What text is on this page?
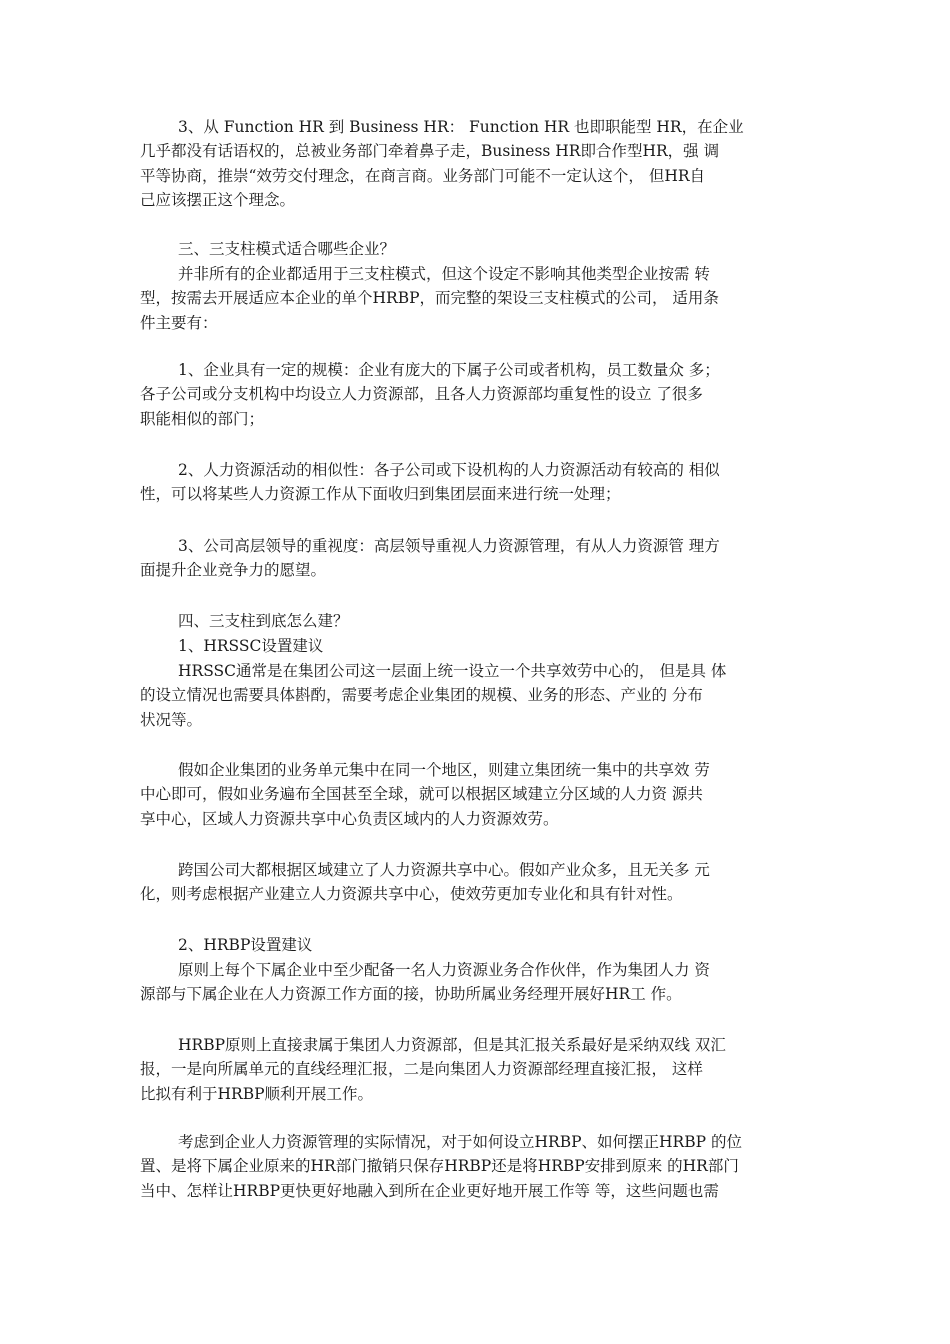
3、从 Function HR 到 Business HR： Function HR 也即职能型 HR，在企业
几乎都没有话语权的，总被业务部门牵着鼻子走，Business HR即合作型HR，强 调
平等协商，推崇“效劳交付理念，在商言商。业务部门可能不一定认这个， 但HR自
己应该摆正这个理念。
三、三支柱模式适合哪些企业？
并非所有的企业都适用于三支柱模式，但这个设定不影响其他类型企业按需 转
型，按需去开展适应本企业的单个HRBP，而完整的架设三支柱模式的公司， 适用条
件主要有：
1、企业具有一定的规模：企业有庞大的下属子公司或者机构，员工数量众 多；
各子公司或分支机构中均设立人力资源部，且各人力资源部均重复性的设立 了很多
职能相似的部门；
2、人力资源活动的相似性：各子公司或下设机构的人力资源活动有较高的 相似
性，可以将某些人力资源工作从下面收归到集团层面来进行统一处理；
3、公司高层领导的重视度：高层领导重视人力资源管理，有从人力资源管 理方
面提升企业竞争力的愿望。
四、三支柱到底怎么建？
1、HRSSC设置建议
HRSSC通常是在集团公司这一层面上统一设立一个共享效劳中心的， 但是具 体
的设立情况也需要具体斟酌，需要考虑企业集团的规模、业务的形态、产业的 分布
状况等。
假如企业集团的业务单元集中在同一个地区，则建立集团统一集中的共享效 劳
中心即可，假如业务遍布全国甚至全球，就可以根据区域建立分区域的人力资 源共
享中心，区域人力资源共享中心负责区域内的人力资源效劳。
跨国公司大都根据区域建立了人力资源共享中心。假如产业众多，且无关多 元
化，则考虑根据产业建立人力资源共享中心，使效劳更加专业化和具有针对性。
2、HRBP设置建议
原则上每个下属企业中至少配备一名人力资源业务合作伙伴，作为集团人力 资
源部与下属企业在人力资源工作方面的接，协助所属业务经理开展好HR工 作。
HRBP原则上直接隶属于集团人力资源部，但是其汇报关系最好是采纳双线 双汇
报，一是向所属单元的直线经理汇报，二是向集团人力资源部经理直接汇报， 这样
比拟有利于HRBP顺利开展工作。
考虑到企业人力资源管理的实际情况，对于如何设立HRBP、如何摆正HRBP 的位
置、是将下属企业原来的HR部门撤销只保存HRBP还是将HRBP安排到原来 的HR部门
当中、怎样让HRBP更快更好地融入到所在企业更好地开展工作等 等，这些问题也需
